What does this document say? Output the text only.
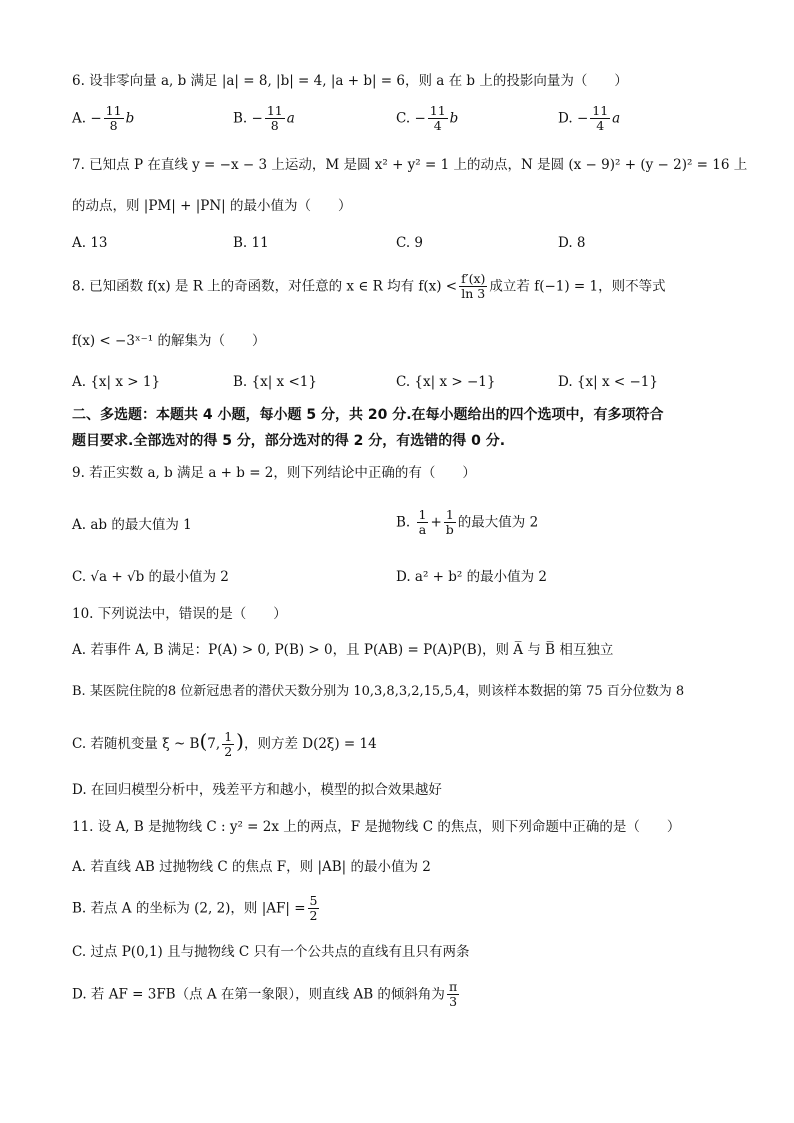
6. 设非零向量 a, b 满足 |a| = 8, |b| = 4, |a + b| = 6，则 a 在 b 上的投影向量为（　　）
A. − $\frac{11}{8}$ b	B. − $\frac{11}{8}$ a	C. − $\frac{11}{4}$ b	D. − $\frac{11}{4}$ a
7. 已知点 P 在直线 y = −x − 3 上运动，M 是圆 x² + y² = 1 上的动点，N 是圆 (x − 9)² + (y − 2)² = 16 上
的动点，则 |PM| + |PN| 的最小值为（　　）
A. 13	B. 11	C. 9	D. 8
8. 已知函数 f(x) 是 R 上的奇函数，对任意的 x ∈ R 均有 $f(x) < \frac{f'(x)}{\ln 3}$ 成立若 f(−1) = 1，则不等式
f(x) < −3ˣ⁻¹ 的解集为（　　）
A. {x| x > 1}	B. {x| x <1}	C. {x| x > −1}	D. {x| x < −1}
二、多选题：本题共 4 小题，每小题 5 分，共 20 分.在每小题给出的四个选项中，有多项符合
题目要求.全部选对的得 5 分，部分选对的得 2 分，有选错的得 0 分.
9. 若正实数 a, b 满足 a + b = 2，则下列结论中正确的有（　　）
A. ab 的最大值为 1	B. $\frac{1}{a} + \frac{1}{b}$ 的最大值为 2
C. √a + √b 的最小值为 2	D. a² + b² 的最小值为 2
10. 下列说法中，错误的是（　　）
A. 若事件 A, B 满足：P(A) > 0, P(B) > 0，且 P(AB) = P(A)P(B)，则 A̅ 与 B̅ 相互独立
B. 某医院住院的8 位新冠患者的潜伏天数分别为 10,3,8,3,2,15,5,4，则该样本数据的第 75 百分位数为 8
C. 若随机变量 ξ ~ B(7, $\frac{1}{2}$ )，则方差 D(2ξ) = 14
D. 在回归模型分析中，残差平方和越小，模型的拟合效果越好
11. 设 A, B 是抛物线 C : y² = 2x 上的两点，F 是抛物线 C 的焦点，则下列命题中正确的是（　　）
A. 若直线 AB 过抛物线 C 的焦点 F，则 |AB| 的最小值为 2
B. 若点 A 的坐标为 (2, 2)，则 $|AF| = \frac{5}{2}$
C. 过点 P(0,1) 且与抛物线 C 只有一个公共点的直线有且只有两条
D. 若 AF = 3FB（点 A 在第一象限），则直线 AB 的倾斜角为 $\frac{\pi}{3}$
